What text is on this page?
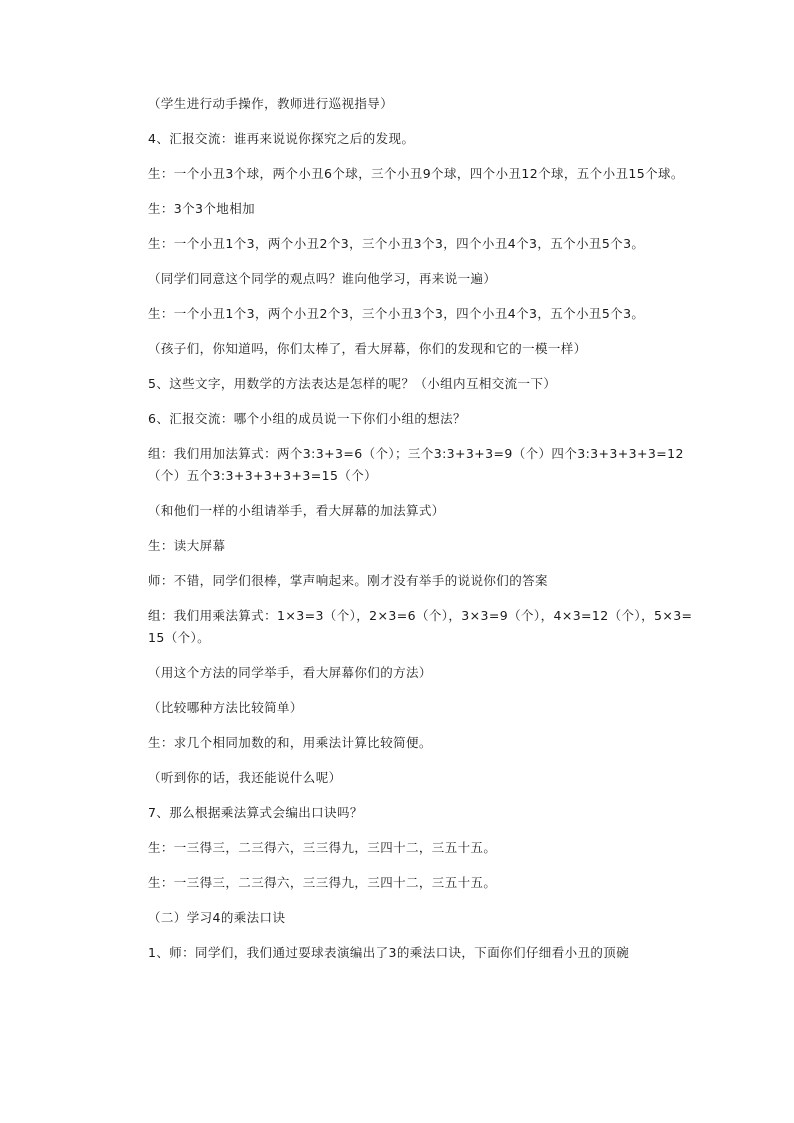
（学生进行动手操作，教师进行巡视指导）

4、汇报交流：谁再来说说你探究之后的发现。

生：一个小丑3个球，两个小丑6个球，三个小丑9个球，四个小丑12个球，五个小丑15个球。

生：3个3个地相加

生：一个小丑1个3，两个小丑2个3，三个小丑3个3，四个小丑4个3，五个小丑5个3。

（同学们同意这个同学的观点吗？谁向他学习，再来说一遍）

生：一个小丑1个3，两个小丑2个3，三个小丑3个3，四个小丑4个3，五个小丑5个3。

（孩子们，你知道吗，你们太棒了，看大屏幕，你们的发现和它的一模一样）

5、这些文字，用数学的方法表达是怎样的呢？（小组内互相交流一下）

6、汇报交流：哪个小组的成员说一下你们小组的想法？

组：我们用加法算式：两个3:3+3=6（个）；三个3:3+3+3=9（个）四个3:3+3+3+3=12（个）五个3:3+3+3+3+3=15（个）

（和他们一样的小组请举手，看大屏幕的加法算式）

生：读大屏幕

师：不错，同学们很棒，掌声响起来。刚才没有举手的说说你们的答案

组：我们用乘法算式：1×3=3（个），2×3=6（个），3×3=9（个），4×3=12（个），5×3=15（个）。

（用这个方法的同学举手，看大屏幕你们的方法）

（比较哪种方法比较简单）

生：求几个相同加数的和，用乘法计算比较简便。

（听到你的话，我还能说什么呢）

7、那么根据乘法算式会编出口诀吗？

生：一三得三，二三得六，三三得九，三四十二，三五十五。

生：一三得三，二三得六，三三得九，三四十二，三五十五。

（二）学习4的乘法口诀

1、师：同学们，我们通过耍球表演编出了3的乘法口诀，下面你们仔细看小丑的顶碗
